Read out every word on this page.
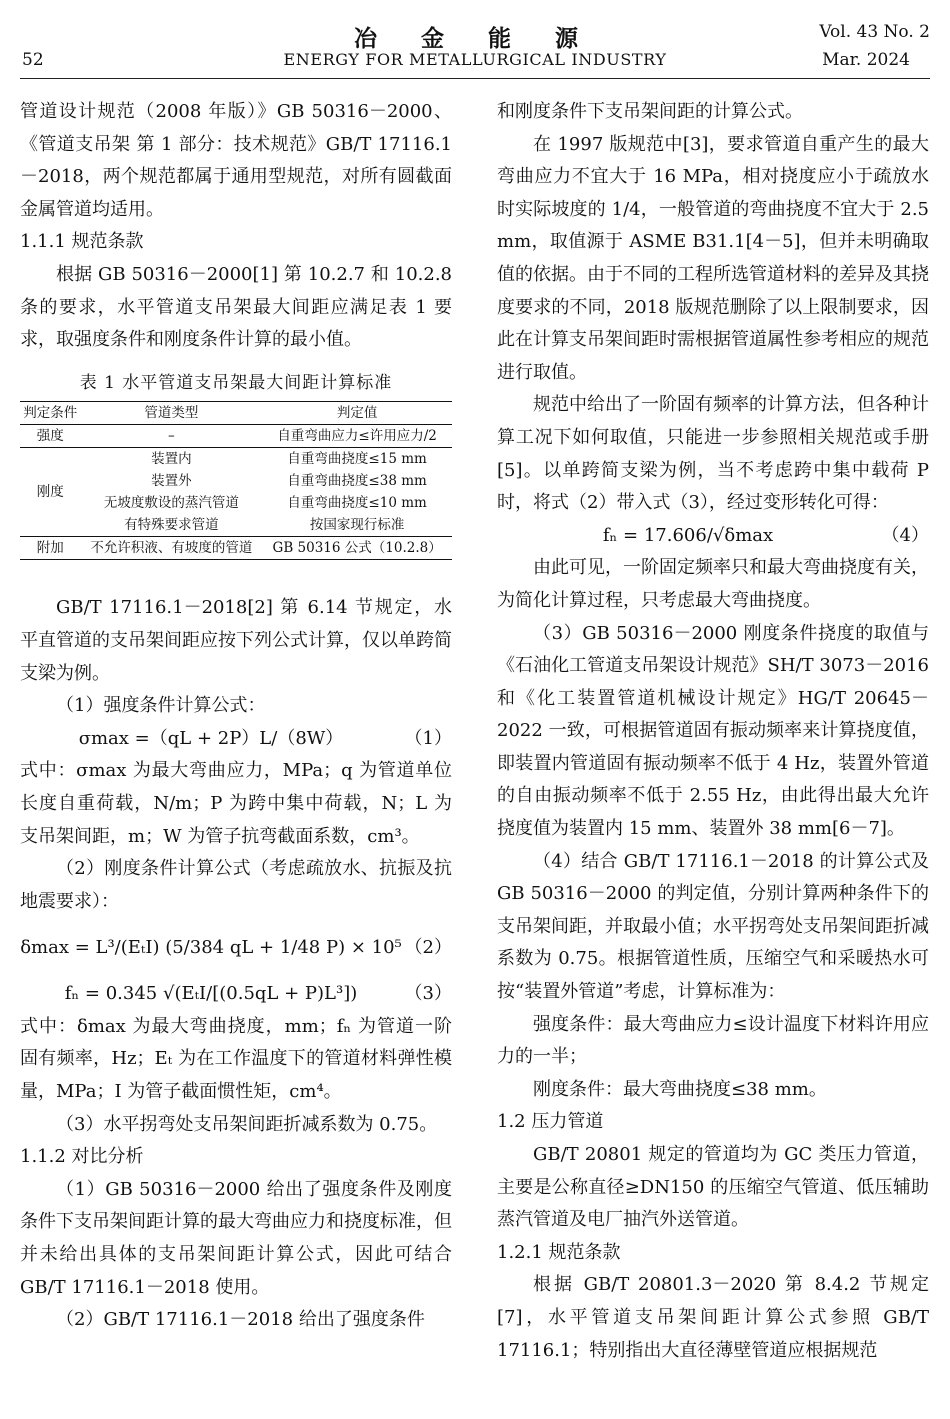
冶 金 能 源	Vol. 43 No. 2
52	ENERGY FOR METALLURGICAL INDUSTRY	Mar. 2024

管道设计规范（2008 年版）》GB 50316－2000、《管道支吊架 第 1 部分：技术规范》GB/T 17116.1－2018，两个规范都属于通用型规范，对所有圆截面金属管道均适用。

1.1.1 规范条款

根据 GB 50316－2000[1] 第 10.2.7 和 10.2.8 条的要求，水平管道支吊架最大间距应满足表 1 要求，取强度条件和刚度条件计算的最小值。

表 1 水平管道支吊架最大间距计算标准
判定条件	管道类型	判定值
强度	–	自重弯曲应力≤许用应力/2
刚度	装置内	自重弯曲挠度≤15 mm
	装置外	自重弯曲挠度≤38 mm
	无坡度敷设的蒸汽管道	自重弯曲挠度≤10 mm
	有特殊要求管道	按国家现行标准
附加	不允许积液、有坡度的管道	GB 50316 公式（10.2.8）

GB/T 17116.1－2018[2] 第 6.14 节规定，水平直管道的支吊架间距应按下列公式计算，仅以单跨简支梁为例。

（1）强度条件计算公式：

σmax =（qL + 2P）L/（8W）	（1）

式中：σmax 为最大弯曲应力，MPa；q 为管道单位长度自重荷载，N/m；P 为跨中集中荷载，N；L 为支吊架间距，m；W 为管子抗弯截面系数，cm³。

（2）刚度条件计算公式（考虑疏放水、抗振及抗地震要求）：

δmax = L³/(EₜI) (5/384 qL + 1/48 P) × 10⁵ （2）
fₙ = 0.345 √(EₜI/[(0.5qL + P)L³])	（3）

式中：δmax 为最大弯曲挠度，mm；fₙ 为管道一阶固有频率，Hz；Eₜ 为在工作温度下的管道材料弹性模量，MPa；I 为管子截面惯性矩，cm⁴。

（3）水平拐弯处支吊架间距折减系数为 0.75。

1.1.2 对比分析

（1）GB 50316－2000 给出了强度条件及刚度条件下支吊架间距计算的最大弯曲应力和挠度标准，但并未给出具体的支吊架间距计算公式，因此可结合 GB/T 17116.1－2018 使用。

（2）GB/T 17116.1－2018 给出了强度条件

和刚度条件下支吊架间距的计算公式。

在 1997 版规范中[3]，要求管道自重产生的最大弯曲应力不宜大于 16 MPa，相对挠度应小于疏放水时实际坡度的 1/4，一般管道的弯曲挠度不宜大于 2.5 mm，取值源于 ASME B31.1[4－5]，但并未明确取值的依据。由于不同的工程所选管道材料的差异及其挠度要求的不同，2018 版规范删除了以上限制要求，因此在计算支吊架间距时需根据管道属性参考相应的规范进行取值。

规范中给出了一阶固有频率的计算方法，但各种计算工况下如何取值，只能进一步参照相关规范或手册[5]。以单跨简支梁为例，当不考虑跨中集中载荷 P 时，将式（2）带入式（3），经过变形转化可得：

fₙ = 17.606/√δmax	（4）

由此可见，一阶固定频率只和最大弯曲挠度有关，为简化计算过程，只考虑最大弯曲挠度。

（3）GB 50316－2000 刚度条件挠度的取值与《石油化工管道支吊架设计规范》SH/T 3073－2016 和《化工装置管道机械设计规定》HG/T 20645－2022 一致，可根据管道固有振动频率来计算挠度值，即装置内管道固有振动频率不低于 4 Hz，装置外管道的自由振动频率不低于 2.55 Hz，由此得出最大允许挠度值为装置内 15 mm、装置外 38 mm[6－7]。

（4）结合 GB/T 17116.1－2018 的计算公式及 GB 50316－2000 的判定值，分别计算两种条件下的支吊架间距，并取最小值；水平拐弯处支吊架间距折减系数为 0.75。根据管道性质，压缩空气和采暖热水可按“装置外管道”考虑，计算标准为：

强度条件：最大弯曲应力≤设计温度下材料许用应力的一半；

刚度条件：最大弯曲挠度≤38 mm。

1.2 压力管道

GB/T 20801 规定的管道均为 GC 类压力管道，主要是公称直径≥DN150 的压缩空气管道、低压辅助蒸汽管道及电厂抽汽外送管道。

1.2.1 规范条款

根据 GB/T 20801.3－2020 第 8.4.2 节规定[7]，水平管道支吊架间距计算公式参照 GB/T 17116.1；特别指出大直径薄壁管道应根据规范
